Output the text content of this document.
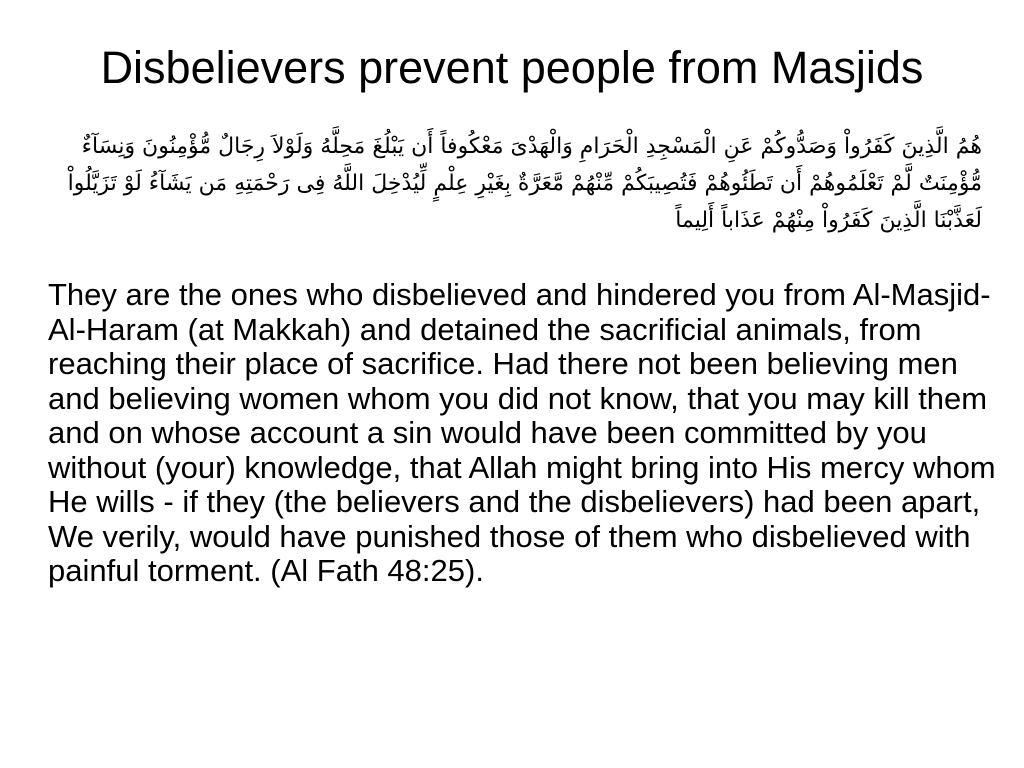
Disbelievers prevent people from Masjids

هُمُ الَّذِينَ كَفَرُواْ وَصَدُّوكُمْ عَنِ الْمَسْجِدِ الْحَرَامِ وَالْهَدْىَ مَعْكُوفاً أَن يَبْلُغَ مَحِلَّهُ وَلَوْلاَ رِجَالٌ مُّؤْمِنُونَ وَنِسَآءٌ مُّؤْمِنَتٌ لَّمْ تَعْلَمُوهُمْ أَن تَطَئُوهُمْ فَتُصِيبَكُمْ مِّنْهُمْ مَّعَرَّةٌ بِغَيْرِ عِلْمٍ لِّيُدْخِلَ اللَّهُ فِى رَحْمَتِهِ مَن يَشَآءُ لَوْ تَزَيَّلُواْ لَعَذَّبْنَا الَّذِينَ كَفَرُواْ مِنْهُمْ عَذَاباً أَلِيماً

They are the ones who disbelieved and hindered you from Al-Masjid-Al-Haram (at Makkah) and detained the sacrificial animals, from reaching their place of sacrifice. Had there not been believing men and believing women whom you did not know, that you may kill them and on whose account a sin would have been committed by you without (your) knowledge, that Allah might bring into His mercy whom He wills - if they (the believers and the disbelievers) had been apart, We verily, would have punished those of them who disbelieved with painful torment. (Al Fath 48:25).
